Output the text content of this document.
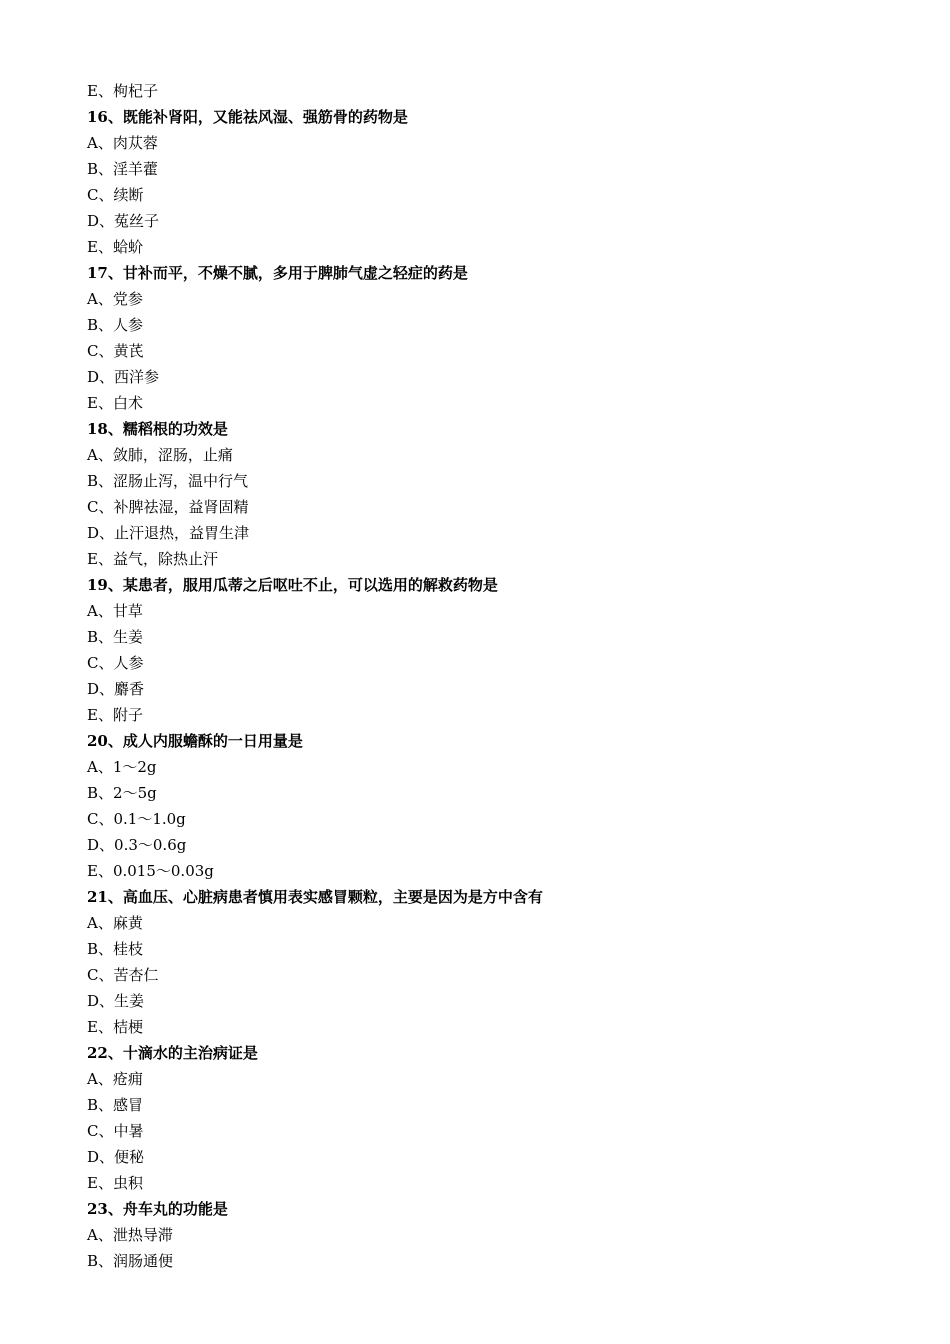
E、枸杞子
16、既能补肾阳，又能祛风湿、强筋骨的药物是
A、肉苁蓉
B、淫羊藿
C、续断
D、菟丝子
E、蛤蚧
17、甘补而平，不燥不腻，多用于脾肺气虚之轻症的药是
A、党参
B、人参
C、黄芪
D、西洋参
E、白术
18、糯稻根的功效是
A、敛肺，涩肠，止痛
B、涩肠止泻，温中行气
C、补脾祛湿，益肾固精
D、止汗退热，益胃生津
E、益气，除热止汗
19、某患者，服用瓜蒂之后呕吐不止，可以选用的解救药物是
A、甘草
B、生姜
C、人参
D、麝香
E、附子
20、成人内服蟾酥的一日用量是
A、1～2g
B、2～5g
C、0.1～1.0g
D、0.3～0.6g
E、0.015～0.03g
21、高血压、心脏病患者慎用表实感冒颗粒，主要是因为是方中含有
A、麻黄
B、桂枝
C、苦杏仁
D、生姜
E、桔梗
22、十滴水的主治病证是
A、疮痈
B、感冒
C、中暑
D、便秘
E、虫积
23、舟车丸的功能是
A、泄热导滞
B、润肠通便
